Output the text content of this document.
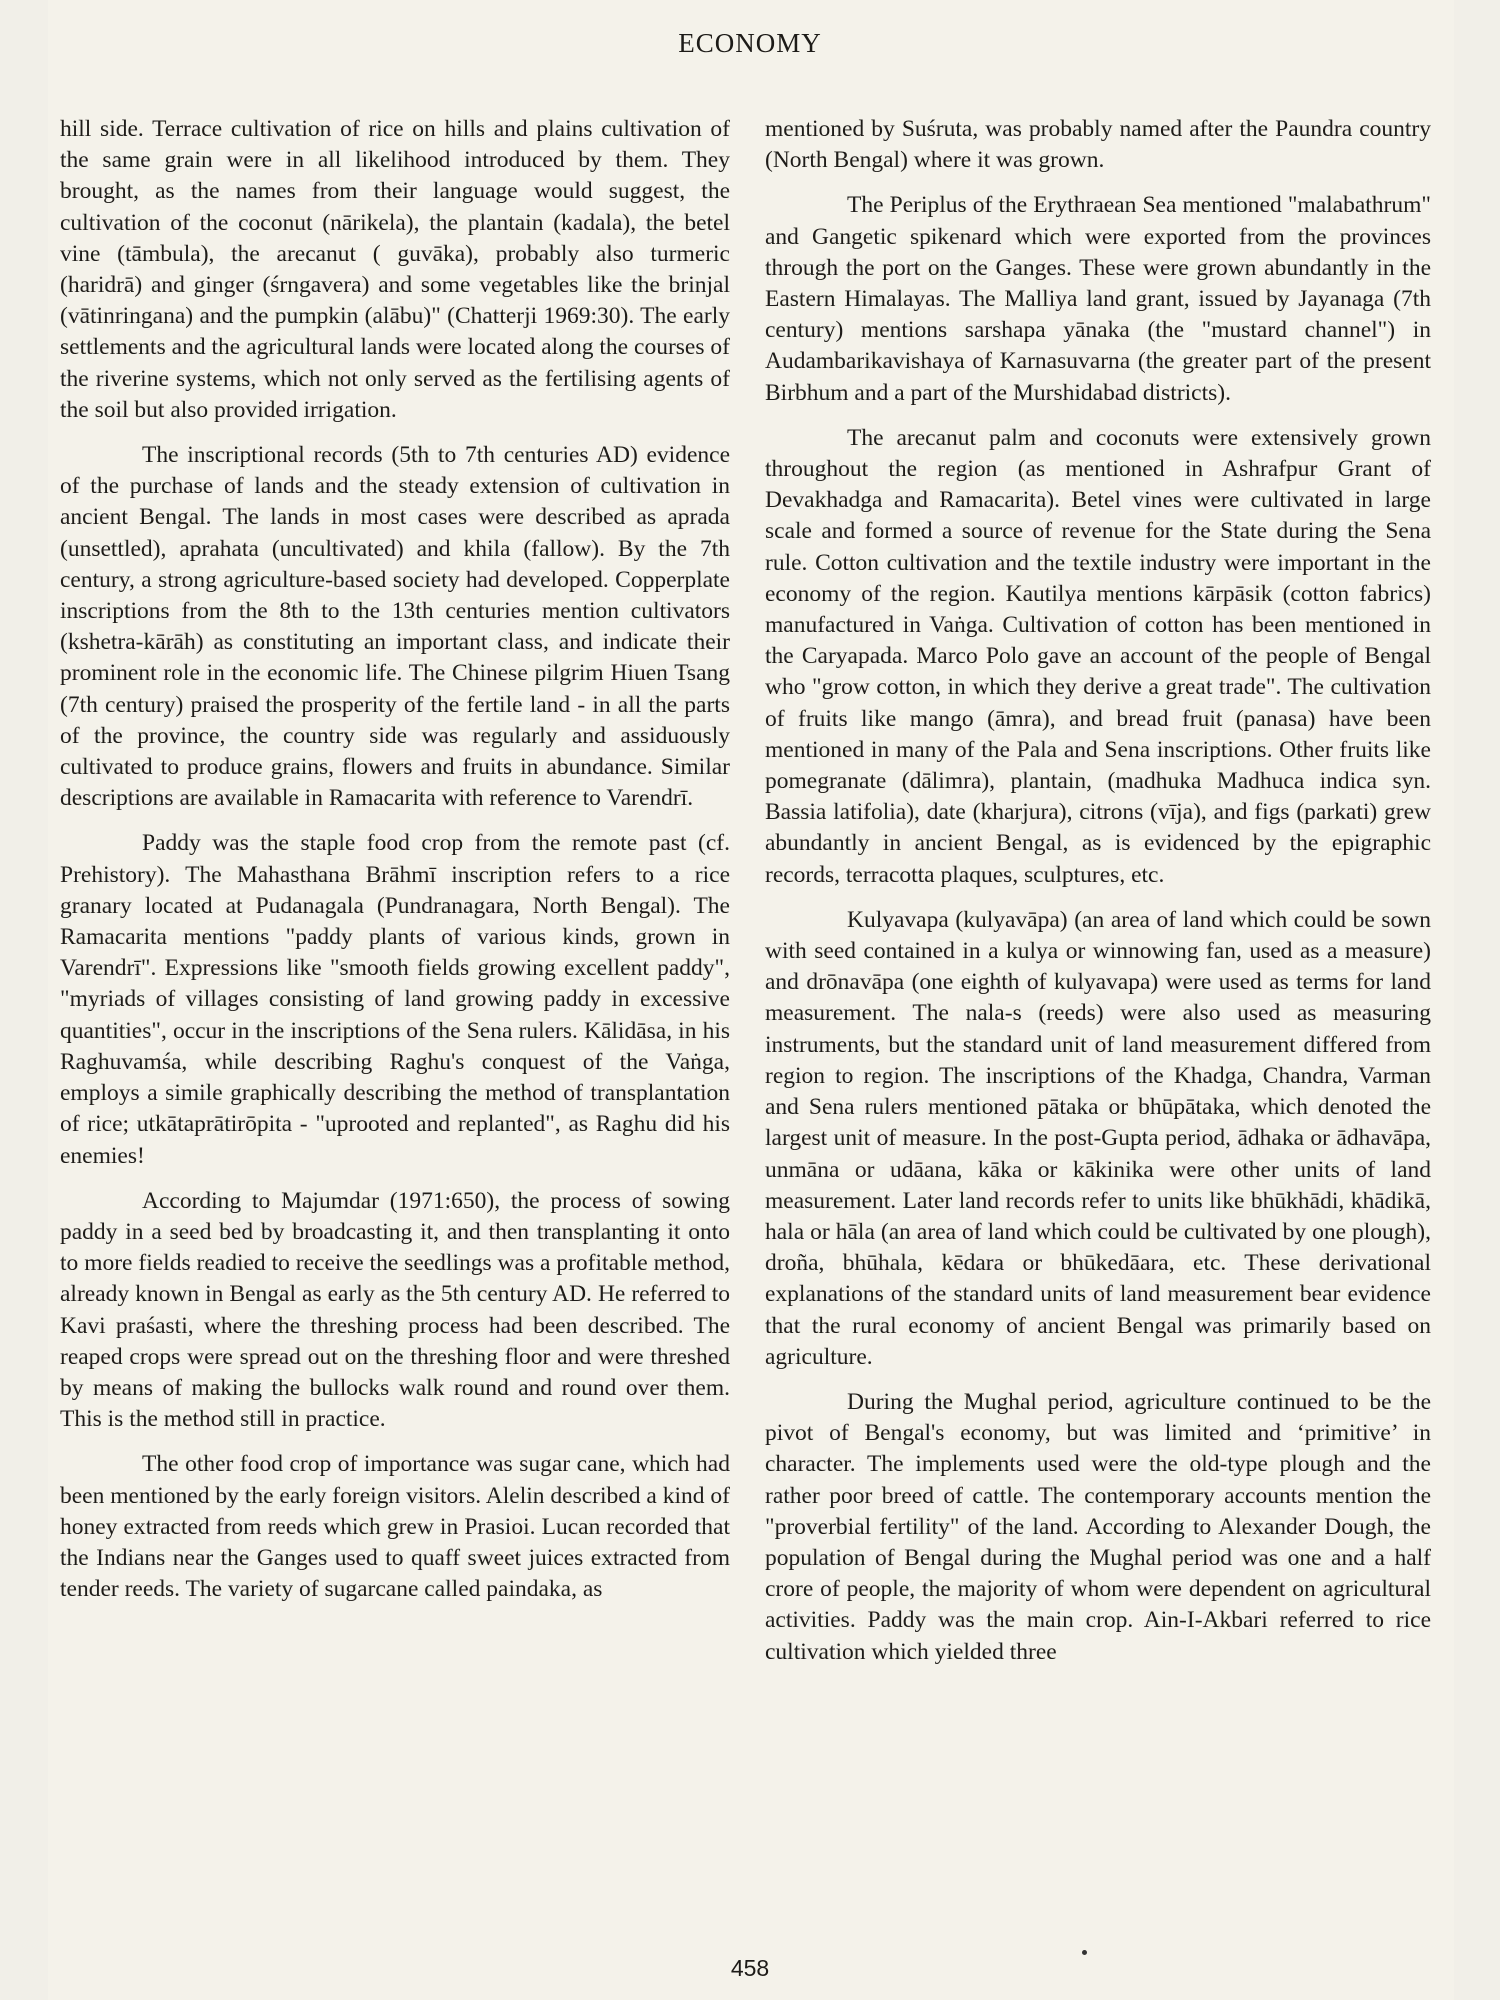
ECONOMY

hill side. Terrace cultivation of rice on hills and plains cultivation of the same grain were in all likelihood introduced by them. They brought, as the names from their language would suggest, the cultivation of the coconut (nārikela), the plantain (kadala), the betel vine (tāmbula), the arecanut ( guvāka), probably also turmeric (haridrā) and ginger (śrngavera) and some vegetables like the brinjal (vātinringana) and the pumpkin (alābu)" (Chatterji 1969:30). The early settlements and the agricultural lands were located along the courses of the riverine systems, which not only served as the fertilising agents of the soil but also provided irrigation.

The inscriptional records (5th to 7th centuries AD) evidence of the purchase of lands and the steady extension of cultivation in ancient Bengal. The lands in most cases were described as aprada (unsettled), aprahata (uncultivated) and khila (fallow). By the 7th century, a strong agriculture-based society had developed. Copperplate inscriptions from the 8th to the 13th centuries mention cultivators (kshetra-kārāh) as constituting an important class, and indicate their prominent role in the economic life. The Chinese pilgrim Hiuen Tsang (7th century) praised the prosperity of the fertile land - in all the parts of the province, the country side was regularly and assiduously cultivated to produce grains, flowers and fruits in abundance. Similar descriptions are available in Ramacarita with reference to Varendrī.

Paddy was the staple food crop from the remote past (cf. Prehistory). The Mahasthana Brāhmī inscription refers to a rice granary located at Pudanagala (Pundranagara, North Bengal). The Ramacarita mentions "paddy plants of various kinds, grown in Varendrī". Expressions like "smooth fields growing excellent paddy", "myriads of villages consisting of land growing paddy in excessive quantities", occur in the inscriptions of the Sena rulers. Kālidāsa, in his Raghuvamśa, while describing Raghu's conquest of the Vaṅga, employs a simile graphically describing the method of transplantation of rice; utkātaprātirōpita - "uprooted and replanted", as Raghu did his enemies!

According to Majumdar (1971:650), the process of sowing paddy in a seed bed by broadcasting it, and then transplanting it onto to more fields readied to receive the seedlings was a profitable method, already known in Bengal as early as the 5th century AD. He referred to Kavi praśasti, where the threshing process had been described. The reaped crops were spread out on the threshing floor and were threshed by means of making the bullocks walk round and round over them. This is the method still in practice.

The other food crop of importance was sugar cane, which had been mentioned by the early foreign visitors. Alelin described a kind of honey extracted from reeds which grew in Prasioi. Lucan recorded that the Indians near the Ganges used to quaff sweet juices extracted from tender reeds. The variety of sugarcane called paindaka, as

mentioned by Suśruta, was probably named after the Paundra country (North Bengal) where it was grown.

The Periplus of the Erythraean Sea mentioned "malabathrum" and Gangetic spikenard which were exported from the provinces through the port on the Ganges. These were grown abundantly in the Eastern Himalayas. The Malliya land grant, issued by Jayanaga (7th century) mentions sarshapa yānaka (the "mustard channel") in Audambarikavishaya of Karnasuvarna (the greater part of the present Birbhum and a part of the Murshidabad districts).

The arecanut palm and coconuts were extensively grown throughout the region (as mentioned in Ashrafpur Grant of Devakhadga and Ramacarita). Betel vines were cultivated in large scale and formed a source of revenue for the State during the Sena rule. Cotton cultivation and the textile industry were important in the economy of the region. Kautilya mentions kārpāsik (cotton fabrics) manufactured in Vaṅga. Cultivation of cotton has been mentioned in the Caryapada. Marco Polo gave an account of the people of Bengal who "grow cotton, in which they derive a great trade". The cultivation of fruits like mango (āmra), and bread fruit (panasa) have been mentioned in many of the Pala and Sena inscriptions. Other fruits like pomegranate (dālimra), plantain, (madhuka Madhuca indica syn. Bassia latifolia), date (kharjura), citrons (vīja), and figs (parkati) grew abundantly in ancient Bengal, as is evidenced by the epigraphic records, terracotta plaques, sculptures, etc.

Kulyavapa (kulyavāpa) (an area of land which could be sown with seed contained in a kulya or winnowing fan, used as a measure) and drōnavāpa (one eighth of kulyavapa) were used as terms for land measurement. The nala-s (reeds) were also used as measuring instruments, but the standard unit of land measurement differed from region to region. The inscriptions of the Khadga, Chandra, Varman and Sena rulers mentioned pātaka or bhūpātaka, which denoted the largest unit of measure. In the post-Gupta period, ādhaka or ādhavāpa, unmāna or udāana, kāka or kākinika were other units of land measurement. Later land records refer to units like bhūkhādi, khādikā, hala or hāla (an area of land which could be cultivated by one plough), droña, bhūhala, kēdara or bhūkedāara, etc. These derivational explanations of the standard units of land measurement bear evidence that the rural economy of ancient Bengal was primarily based on agriculture.

During the Mughal period, agriculture continued to be the pivot of Bengal's economy, but was limited and ‘primitive’ in character. The implements used were the old-type plough and the rather poor breed of cattle. The contemporary accounts mention the "proverbial fertility" of the land. According to Alexander Dough, the population of Bengal during the Mughal period was one and a half crore of people, the majority of whom were dependent on agricultural activities. Paddy was the main crop. Ain-I-Akbari referred to rice cultivation which yielded three

458
